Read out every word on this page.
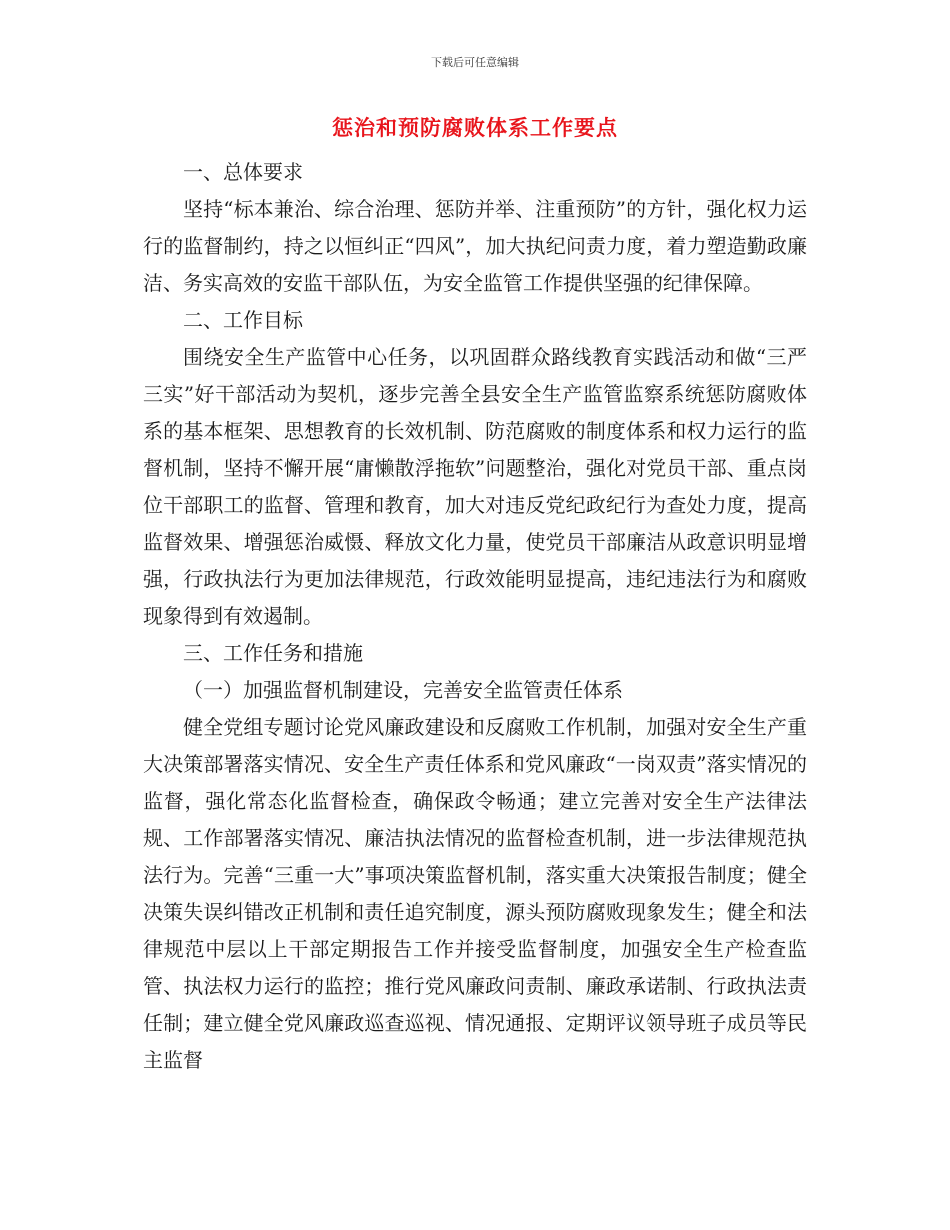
下载后可任意编辑

惩治和预防腐败体系工作要点

一、总体要求

坚持“标本兼治、综合治理、惩防并举、注重预防”的方针，强化权力运行的监督制约，持之以恒纠正“四风”，加大执纪问责力度，着力塑造勤政廉洁、务实高效的安监干部队伍，为安全监管工作提供坚强的纪律保障。

二、工作目标

围绕安全生产监管中心任务，以巩固群众路线教育实践活动和做“三严三实”好干部活动为契机，逐步完善全县安全生产监管监察系统惩防腐败体系的基本框架、思想教育的长效机制、防范腐败的制度体系和权力运行的监督机制，坚持不懈开展“庸懒散浮拖软”问题整治，强化对党员干部、重点岗位干部职工的监督、管理和教育，加大对违反党纪政纪行为查处力度，提高监督效果、增强惩治威慑、释放文化力量，使党员干部廉洁从政意识明显增强，行政执法行为更加法律规范，行政效能明显提高，违纪违法行为和腐败现象得到有效遏制。

三、工作任务和措施

（一）加强监督机制建设，完善安全监管责任体系

健全党组专题讨论党风廉政建设和反腐败工作机制，加强对安全生产重大决策部署落实情况、安全生产责任体系和党风廉政“一岗双责”落实情况的监督，强化常态化监督检查，确保政令畅通；建立完善对安全生产法律法规、工作部署落实情况、廉洁执法情况的监督检查机制，进一步法律规范执法行为。完善“三重一大”事项决策监督机制，落实重大决策报告制度；健全决策失误纠错改正机制和责任追究制度，源头预防腐败现象发生；健全和法律规范中层以上干部定期报告工作并接受监督制度，加强安全生产检查监管、执法权力运行的监控；推行党风廉政问责制、廉政承诺制、行政执法责任制；建立健全党风廉政巡查巡视、情况通报、定期评议领导班子成员等民主监督
